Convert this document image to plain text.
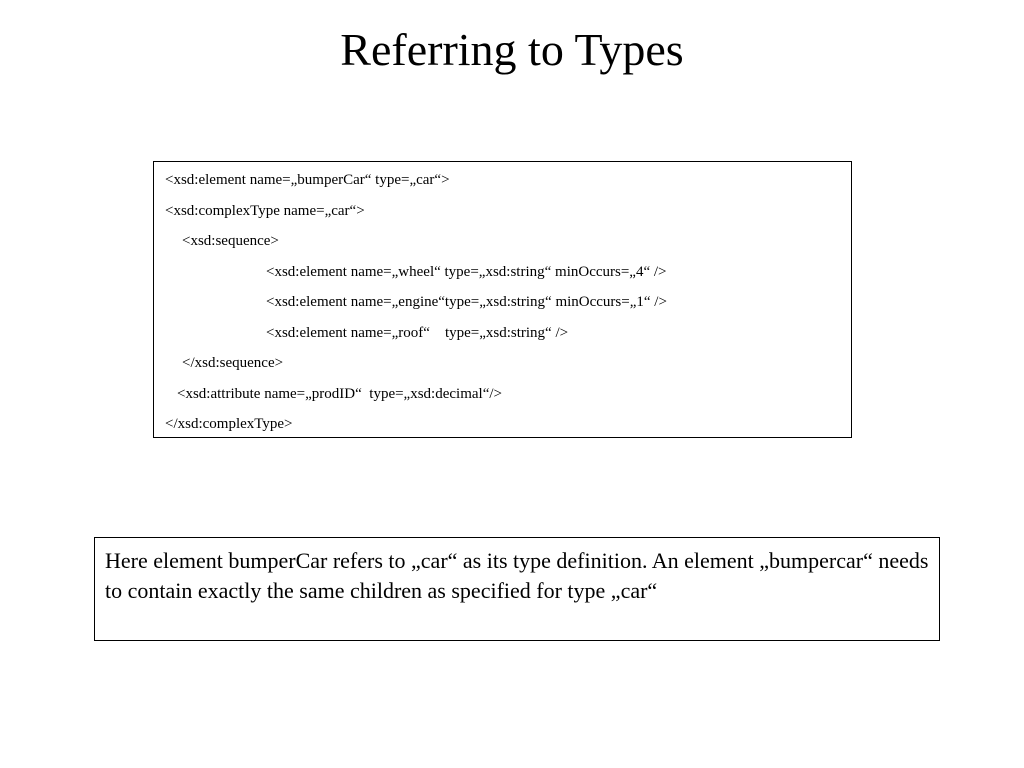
Referring to Types
<xsd:element name=„bumperCar“ type=„car“>
<xsd:complexType name=„car“>
<xsd:sequence>
<xsd:element name=„wheel“ type=„xsd:string“ minOccurs=„4“ />
<xsd:element name=„engine“type=„xsd:string“ minOccurs=„1“ />
<xsd:element name=„roof“    type=„xsd:string“ />
</xsd:sequence>
<xsd:attribute name=„prodID“  type=„xsd:decimal“/>
</xsd:complexType>
Here element bumperCar refers to „car“ as its type definition. An element „bumpercar“ needs to contain exactly the same children as specified for type „car“
